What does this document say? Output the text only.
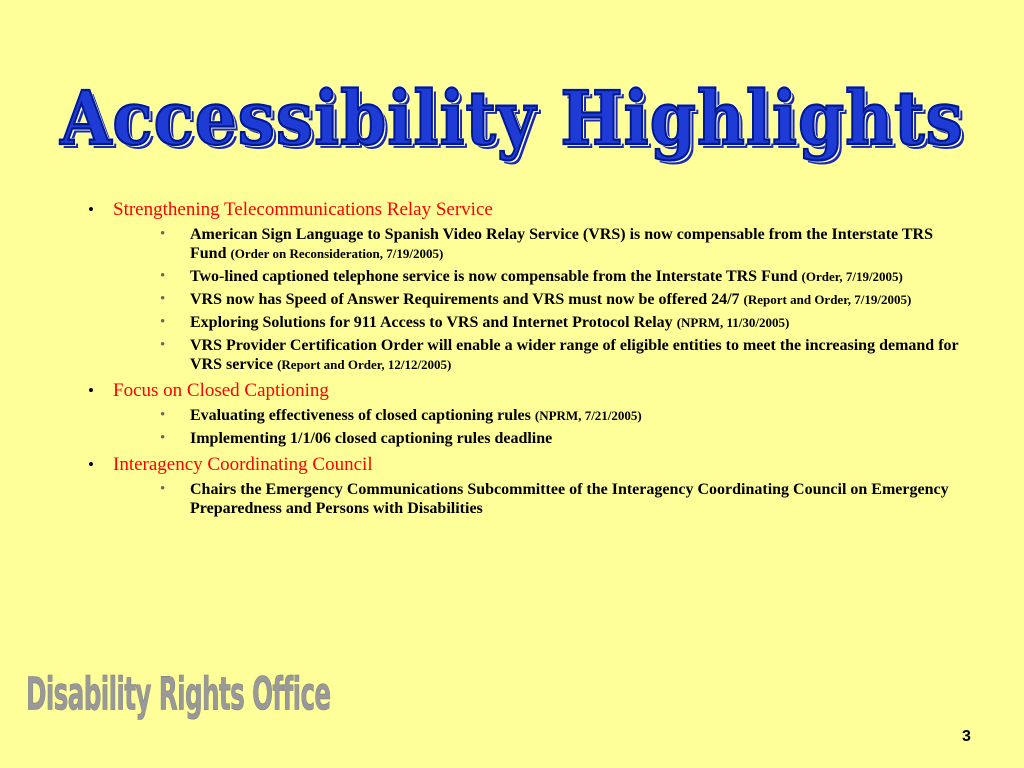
Accessibility Highlights
• Strengthening Telecommunications Relay Service
• American Sign Language to Spanish Video Relay Service (VRS) is now compensable from the Interstate TRS Fund (Order on Reconsideration, 7/19/2005)
• Two-lined captioned telephone service is now compensable from the Interstate TRS Fund (Order, 7/19/2005)
• VRS now has Speed of Answer Requirements and VRS must now be offered 24/7 (Report and Order, 7/19/2005)
• Exploring Solutions for 911 Access to VRS and Internet Protocol Relay (NPRM, 11/30/2005)
• VRS Provider Certification Order will enable a wider range of eligible entities to meet the increasing demand for VRS service (Report and Order, 12/12/2005)
• Focus on Closed Captioning
• Evaluating effectiveness of closed captioning rules (NPRM, 7/21/2005)
• Implementing 1/1/06 closed captioning rules deadline
• Interagency Coordinating Council
• Chairs the Emergency Communications Subcommittee of the Interagency Coordinating Council on Emergency Preparedness and Persons with Disabilities
Disability Rights Office
3
